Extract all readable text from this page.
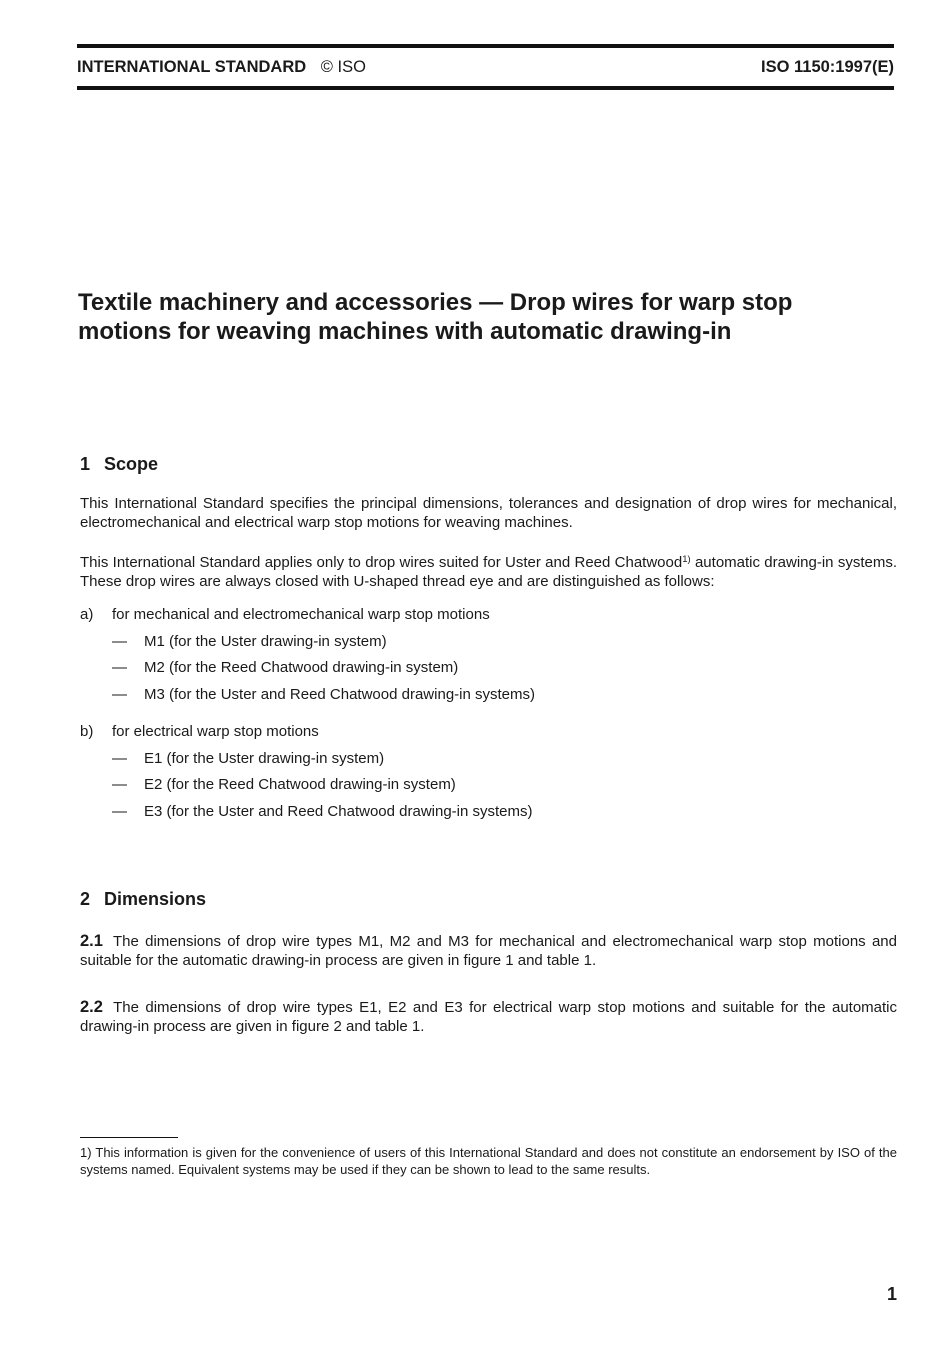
INTERNATIONAL STANDARD © ISO	ISO 1150:1997(E)
Textile machinery and accessories — Drop wires for warp stop motions for weaving machines with automatic drawing-in
1 Scope

This International Standard specifies the principal dimensions, tolerances and designation of drop wires for mechanical, electromechanical and electrical warp stop motions for weaving machines.

This International Standard applies only to drop wires suited for Uster and Reed Chatwood$^{1)}$ automatic drawing-in systems. These drop wires are always closed with U-shaped thread eye and are distinguished as follows:

a) for mechanical and electromechanical warp stop motions
— M1 (for the Uster drawing-in system)
— M2 (for the Reed Chatwood drawing-in system)
— M3 (for the Uster and Reed Chatwood drawing-in systems)
b) for electrical warp stop motions
— E1 (for the Uster drawing-in system)
— E2 (for the Reed Chatwood drawing-in system)
— E3 (for the Uster and Reed Chatwood drawing-in systems)
2 Dimensions

2.1 The dimensions of drop wire types M1, M2 and M3 for mechanical and electromechanical warp stop motions and suitable for the automatic drawing-in process are given in figure 1 and table 1.

2.2 The dimensions of drop wire types E1, E2 and E3 for electrical warp stop motions and suitable for the automatic drawing-in process are given in figure 2 and table 1.

1) This information is given for the convenience of users of this International Standard and does not constitute an endorsement by ISO of the systems named. Equivalent systems may be used if they can be shown to lead to the same results.

1
